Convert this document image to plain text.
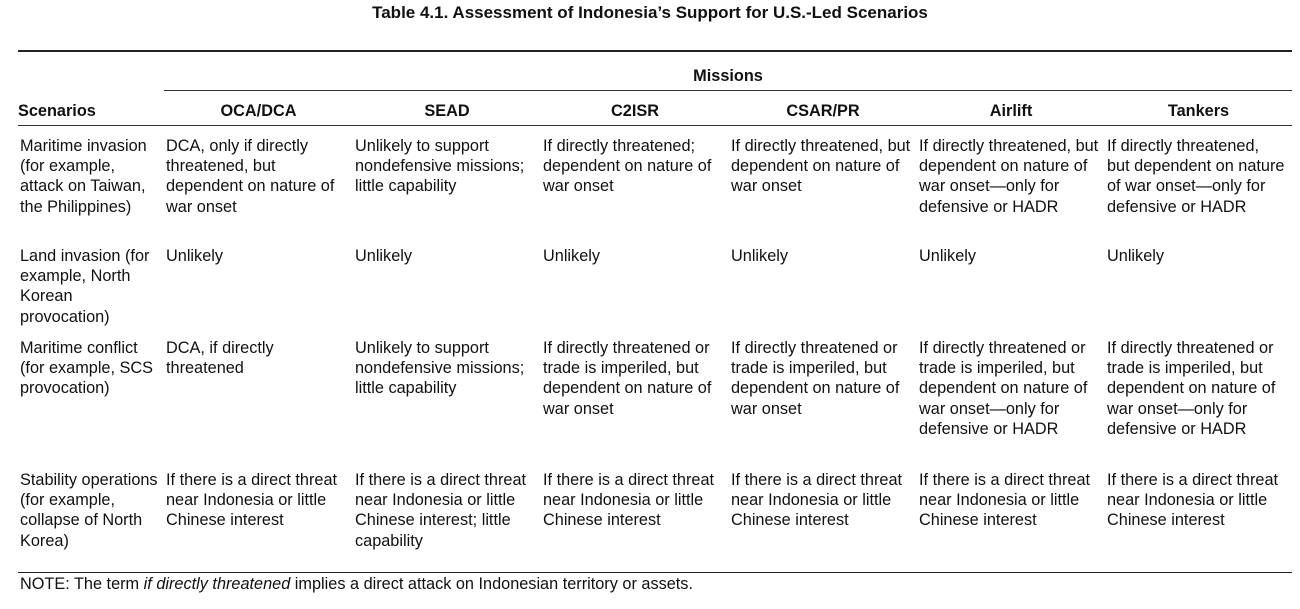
Table 4.1. Assessment of Indonesia’s Support for U.S.-Led Scenarios
	Missions					
Scenarios	OCA/DCA	SEAD	C2ISR	CSAR/PR	Airlift	Tankers
Maritime invasion (for example, attack on Taiwan, the Philippines)	DCA, only if directly threatened, but dependent on nature of war onset	Unlikely to support nondefensive missions; little capability	If directly threatened; dependent on nature of war onset	If directly threatened, but dependent on nature of war onset	If directly threatened, but dependent on nature of war onset—only for defensive or HADR	If directly threatened, but dependent on nature of war onset—only for defensive or HADR
Land invasion (for example, North Korean provocation)	Unlikely	Unlikely	Unlikely	Unlikely	Unlikely	Unlikely
Maritime conflict (for example, SCS provocation)	DCA, if directly threatened	Unlikely to support nondefensive missions; little capability	If directly threatened or trade is imperiled, but dependent on nature of war onset	If directly threatened or trade is imperiled, but dependent on nature of war onset	If directly threatened or trade is imperiled, but dependent on nature of war onset—only for defensive or HADR	If directly threatened or trade is imperiled, but dependent on nature of war onset—only for defensive or HADR
Stability operations (for example, collapse of North Korea)	If there is a direct threat near Indonesia or little Chinese interest	If there is a direct threat near Indonesia or little Chinese interest; little capability	If there is a direct threat near Indonesia or little Chinese interest	If there is a direct threat near Indonesia or little Chinese interest	If there is a direct threat near Indonesia or little Chinese interest	If there is a direct threat near Indonesia or little Chinese interest
NOTE: The term if directly threatened implies a direct attack on Indonesian territory or assets.
